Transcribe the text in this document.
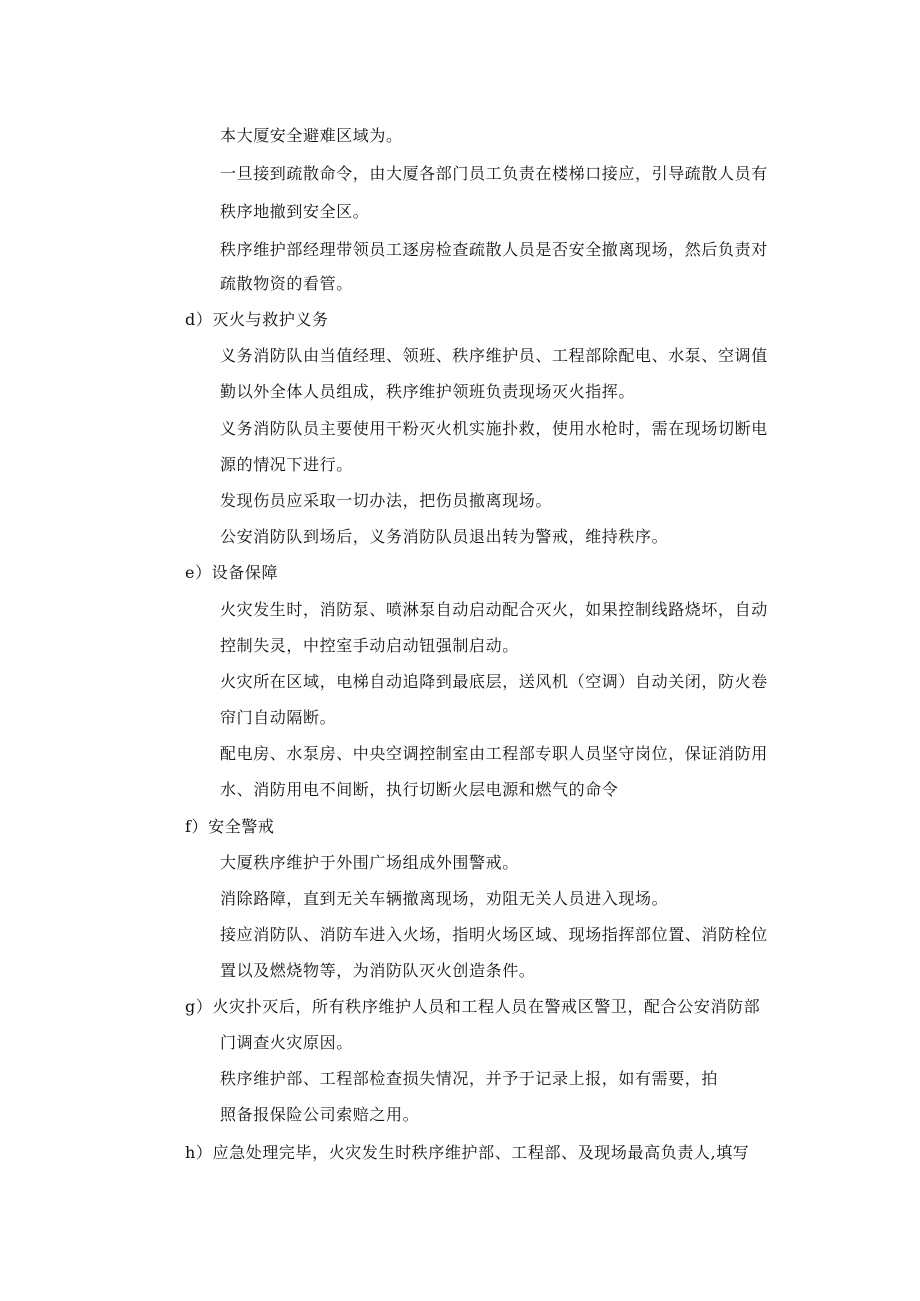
本大厦安全避难区域为。
一旦接到疏散命令，由大厦各部门员工负责在楼梯口接应，引导疏散人员有
秩序地撤到安全区。
秩序维护部经理带领员工逐房检查疏散人员是否安全撤离现场，然后负责对
疏散物资的看管。
d）灭火与救护义务
义务消防队由当值经理、领班、秩序维护员、工程部除配电、水泵、空调值
勤以外全体人员组成，秩序维护领班负责现场灭火指挥。
义务消防队员主要使用干粉灭火机实施扑救，使用水枪时，需在现场切断电
源的情况下进行。
发现伤员应采取一切办法，把伤员撤离现场。
公安消防队到场后，义务消防队员退出转为警戒，维持秩序。
e）设备保障
火灾发生时，消防泵、喷淋泵自动启动配合灭火，如果控制线路烧坏，自动
控制失灵，中控室手动启动钮强制启动。
火灾所在区域，电梯自动追降到最底层，送风机（空调）自动关闭，防火卷
帘门自动隔断。
配电房、水泵房、中央空调控制室由工程部专职人员坚守岗位，保证消防用
水、消防用电不间断，执行切断火层电源和燃气的命令
f）安全警戒
大厦秩序维护于外围广场组成外围警戒。
消除路障，直到无关车辆撤离现场，劝阻无关人员进入现场。
接应消防队、消防车进入火场，指明火场区域、现场指挥部位置、消防栓位
置以及燃烧物等，为消防队灭火创造条件。
g）火灾扑灭后，所有秩序维护人员和工程人员在警戒区警卫，配合公安消防部
门调查火灾原因。
秩序维护部、工程部检查损失情况，并予于记录上报，如有需要，拍
照备报保险公司索赔之用。
h）应急处理完毕，火灾发生时秩序维护部、工程部、及现场最高负责人,填写
